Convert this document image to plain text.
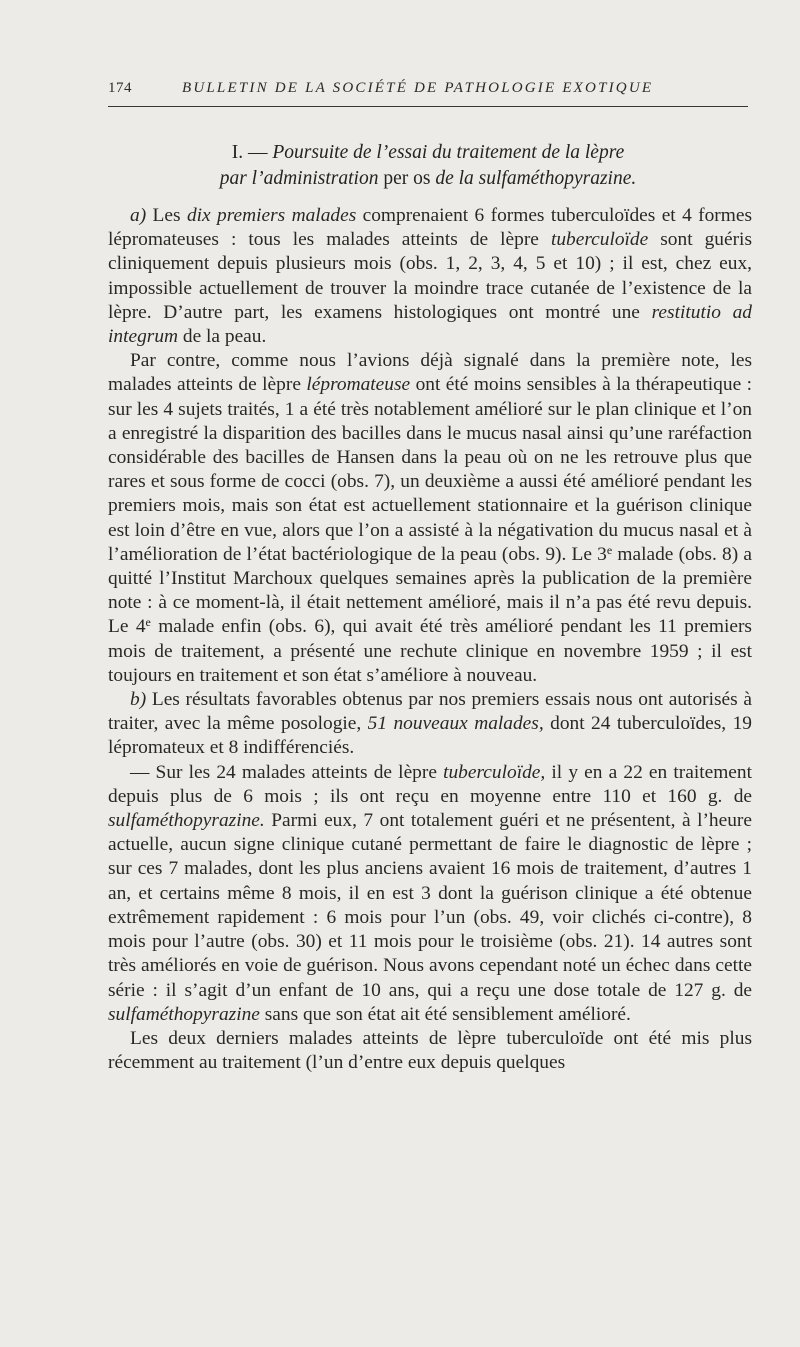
174	BULLETIN DE LA SOCIÉTÉ DE PATHOLOGIE EXOTIQUE
I. — Poursuite de l’essai du traitement de la lèpre
par l’administration per os de la sulfaméthopyrazine.

a) Les dix premiers malades comprenaient 6 formes tuberculoïdes et 4 formes lépromateuses : tous les malades atteints de lèpre tuberculoïde sont guéris cliniquement depuis plusieurs mois (obs. 1, 2, 3, 4, 5 et 10) ; il est, chez eux, impossible actuellement de trouver la moindre trace cutanée de l’existence de la lèpre. D’autre part, les examens histologiques ont montré une restitutio ad integrum de la peau.

Par contre, comme nous l’avions déjà signalé dans la première note, les malades atteints de lèpre lépromateuse ont été moins sensibles à la thérapeutique : sur les 4 sujets traités, 1 a été très notablement amélioré sur le plan clinique et l’on a enregistré la disparition des bacilles dans le mucus nasal ainsi qu’une raréfaction considérable des bacilles de Hansen dans la peau où on ne les retrouve plus que rares et sous forme de cocci (obs. 7), un deuxième a aussi été amélioré pendant les premiers mois, mais son état est actuellement stationnaire et la guérison clinique est loin d’être en vue, alors que l’on a assisté à la négativation du mucus nasal et à l’amélioration de l’état bactériologique de la peau (obs. 9). Le 3e malade (obs. 8) a quitté l’Institut Marchoux quelques semaines après la publication de la première note : à ce moment-là, il était nettement amélioré, mais il n’a pas été revu depuis. Le 4e malade enfin (obs. 6), qui avait été très amélioré pendant les 11 premiers mois de traitement, a présenté une rechute clinique en novembre 1959 ; il est toujours en traitement et son état s’améliore à nouveau.

b) Les résultats favorables obtenus par nos premiers essais nous ont autorisés à traiter, avec la même posologie, 51 nouveaux malades, dont 24 tuberculoïdes, 19 lépromateux et 8 indifférenciés.

— Sur les 24 malades atteints de lèpre tuberculoïde, il y en a 22 en traitement depuis plus de 6 mois ; ils ont reçu en moyenne entre 110 et 160 g. de sulfaméthopyrazine. Parmi eux, 7 ont totalement guéri et ne présentent, à l’heure actuelle, aucun signe clinique cutané permettant de faire le diagnostic de lèpre ; sur ces 7 malades, dont les plus anciens avaient 16 mois de traitement, d’autres 1 an, et certains même 8 mois, il en est 3 dont la guérison clinique a été obtenue extrêmement rapidement : 6 mois pour l’un (obs. 49, voir clichés ci-contre), 8 mois pour l’autre (obs. 30) et 11 mois pour le troisième (obs. 21). 14 autres sont très améliorés en voie de guérison. Nous avons cependant noté un échec dans cette série : il s’agit d’un enfant de 10 ans, qui a reçu une dose totale de 127 g. de sulfaméthopyrazine sans que son état ait été sensiblement amélioré.

Les deux derniers malades atteints de lèpre tuberculoïde ont été mis plus récemment au traitement (l’un d’entre eux depuis quelques
